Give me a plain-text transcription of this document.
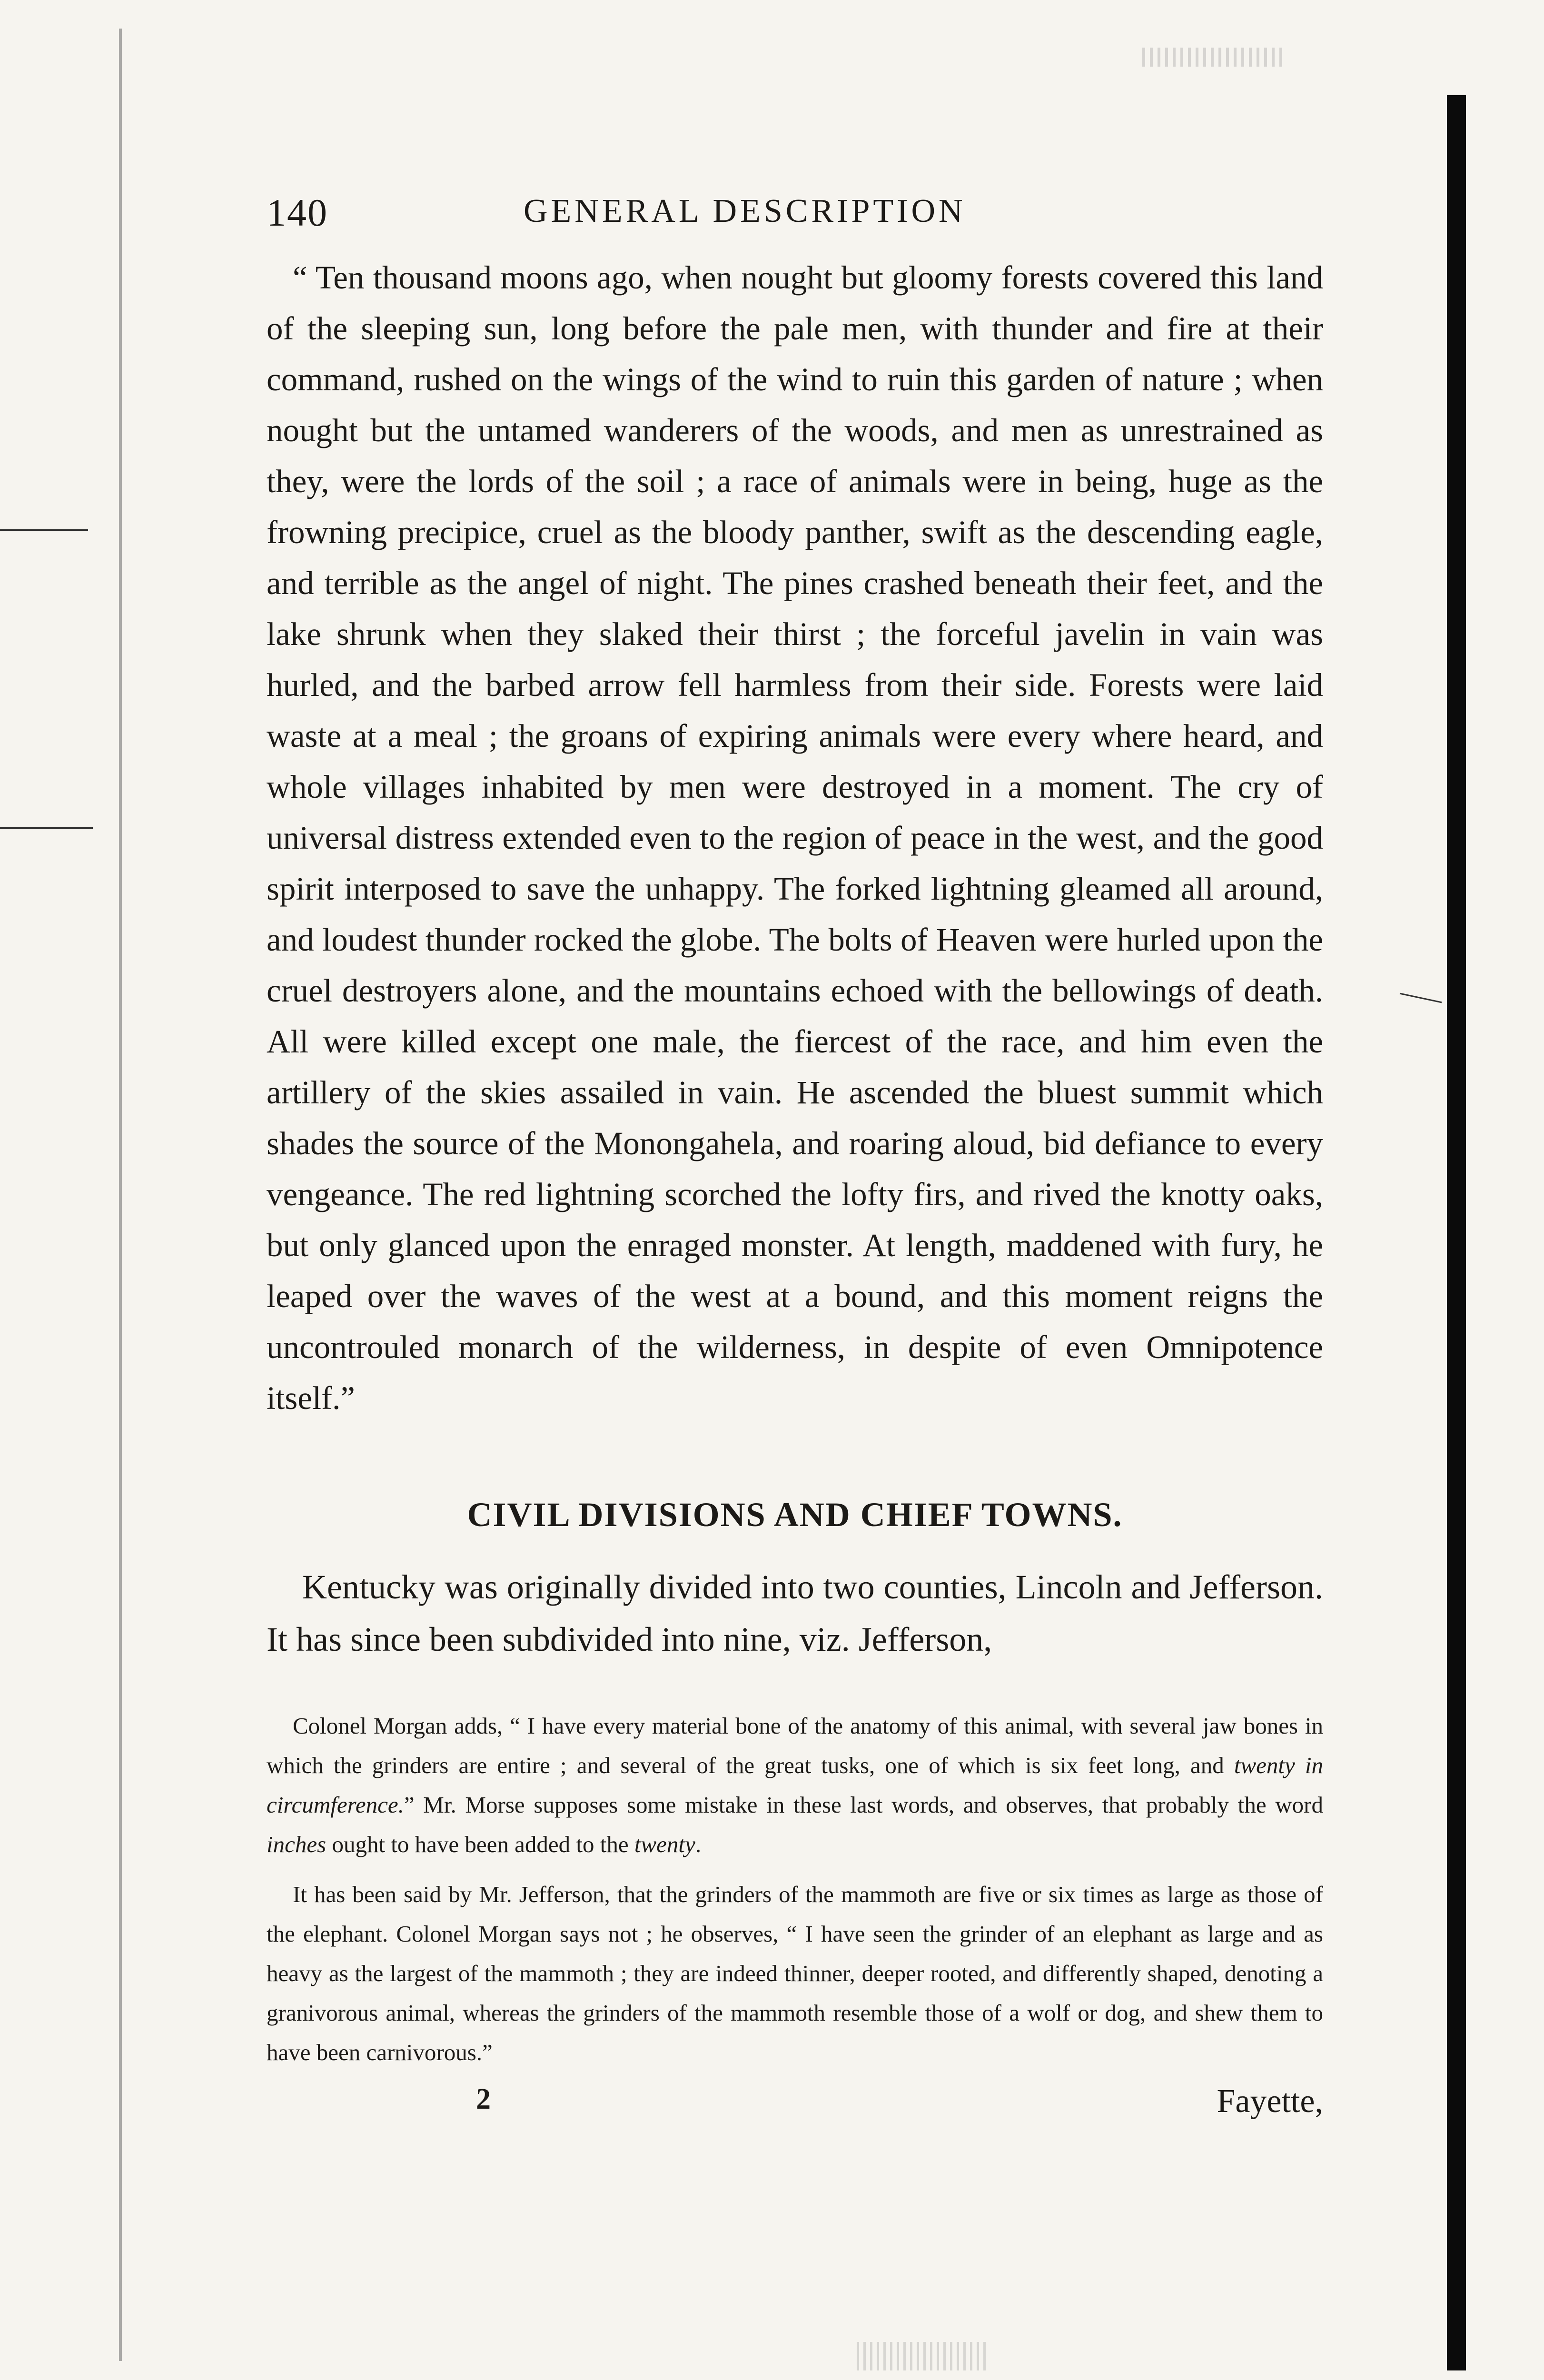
140	GENERAL DESCRIPTION

“ Ten thousand moons ago, when nought but gloomy forests covered this land of the sleeping sun, long before the pale men, with thunder and fire at their command, rushed on the wings of the wind to ruin this garden of nature ; when nought but the untamed wanderers of the woods, and men as unrestrained as they, were the lords of the soil ; a race of animals were in being, huge as the frowning precipice, cruel as the bloody panther, swift as the descending eagle, and terrible as the angel of night. The pines crashed beneath their feet, and the lake shrunk when they slaked their thirst ; the forceful javelin in vain was hurled, and the barbed arrow fell harmless from their side. Forests were laid waste at a meal ; the groans of expiring animals were every where heard, and whole villages inhabited by men were destroyed in a moment. The cry of universal distress extended even to the region of peace in the west, and the good spirit interposed to save the unhappy. The forked lightning gleamed all around, and loudest thunder rocked the globe. The bolts of Heaven were hurled upon the cruel destroyers alone, and the mountains echoed with the bellowings of death. All were killed except one male, the fiercest of the race, and him even the artillery of the skies assailed in vain. He ascended the bluest summit which shades the source of the Monongahela, and roaring aloud, bid defiance to every vengeance. The red lightning scorched the lofty firs, and rived the knotty oaks, but only glanced upon the enraged monster. At length, maddened with fury, he leaped over the waves of the west at a bound, and this moment reigns the uncontrouled monarch of the wilderness, in despite of even Omnipotence itself.”

CIVIL DIVISIONS AND CHIEF TOWNS.

Kentucky was originally divided into two counties, Lincoln and Jefferson. It has since been subdivided into nine, viz. Jefferson,

Colonel Morgan adds, “ I have every material bone of the anatomy of this animal, with several jaw bones in which the grinders are entire ; and several of the great tusks, one of which is six feet long, and twenty in circumference.” Mr. Morse supposes some mistake in these last words, and observes, that probably the word inches ought to have been added to the twenty.

It has been said by Mr. Jefferson, that the grinders of the mammoth are five or six times as large as those of the elephant. Colonel Morgan says not ; he observes, “ I have seen the grinder of an elephant as large and as heavy as the largest of the mammoth ; they are indeed thinner, deeper rooted, and differently shaped, denoting a granivorous animal, whereas the grinders of the mammoth resemble those of a wolf or dog, and shew them to have been carnivorous.”

2	Fayette,
